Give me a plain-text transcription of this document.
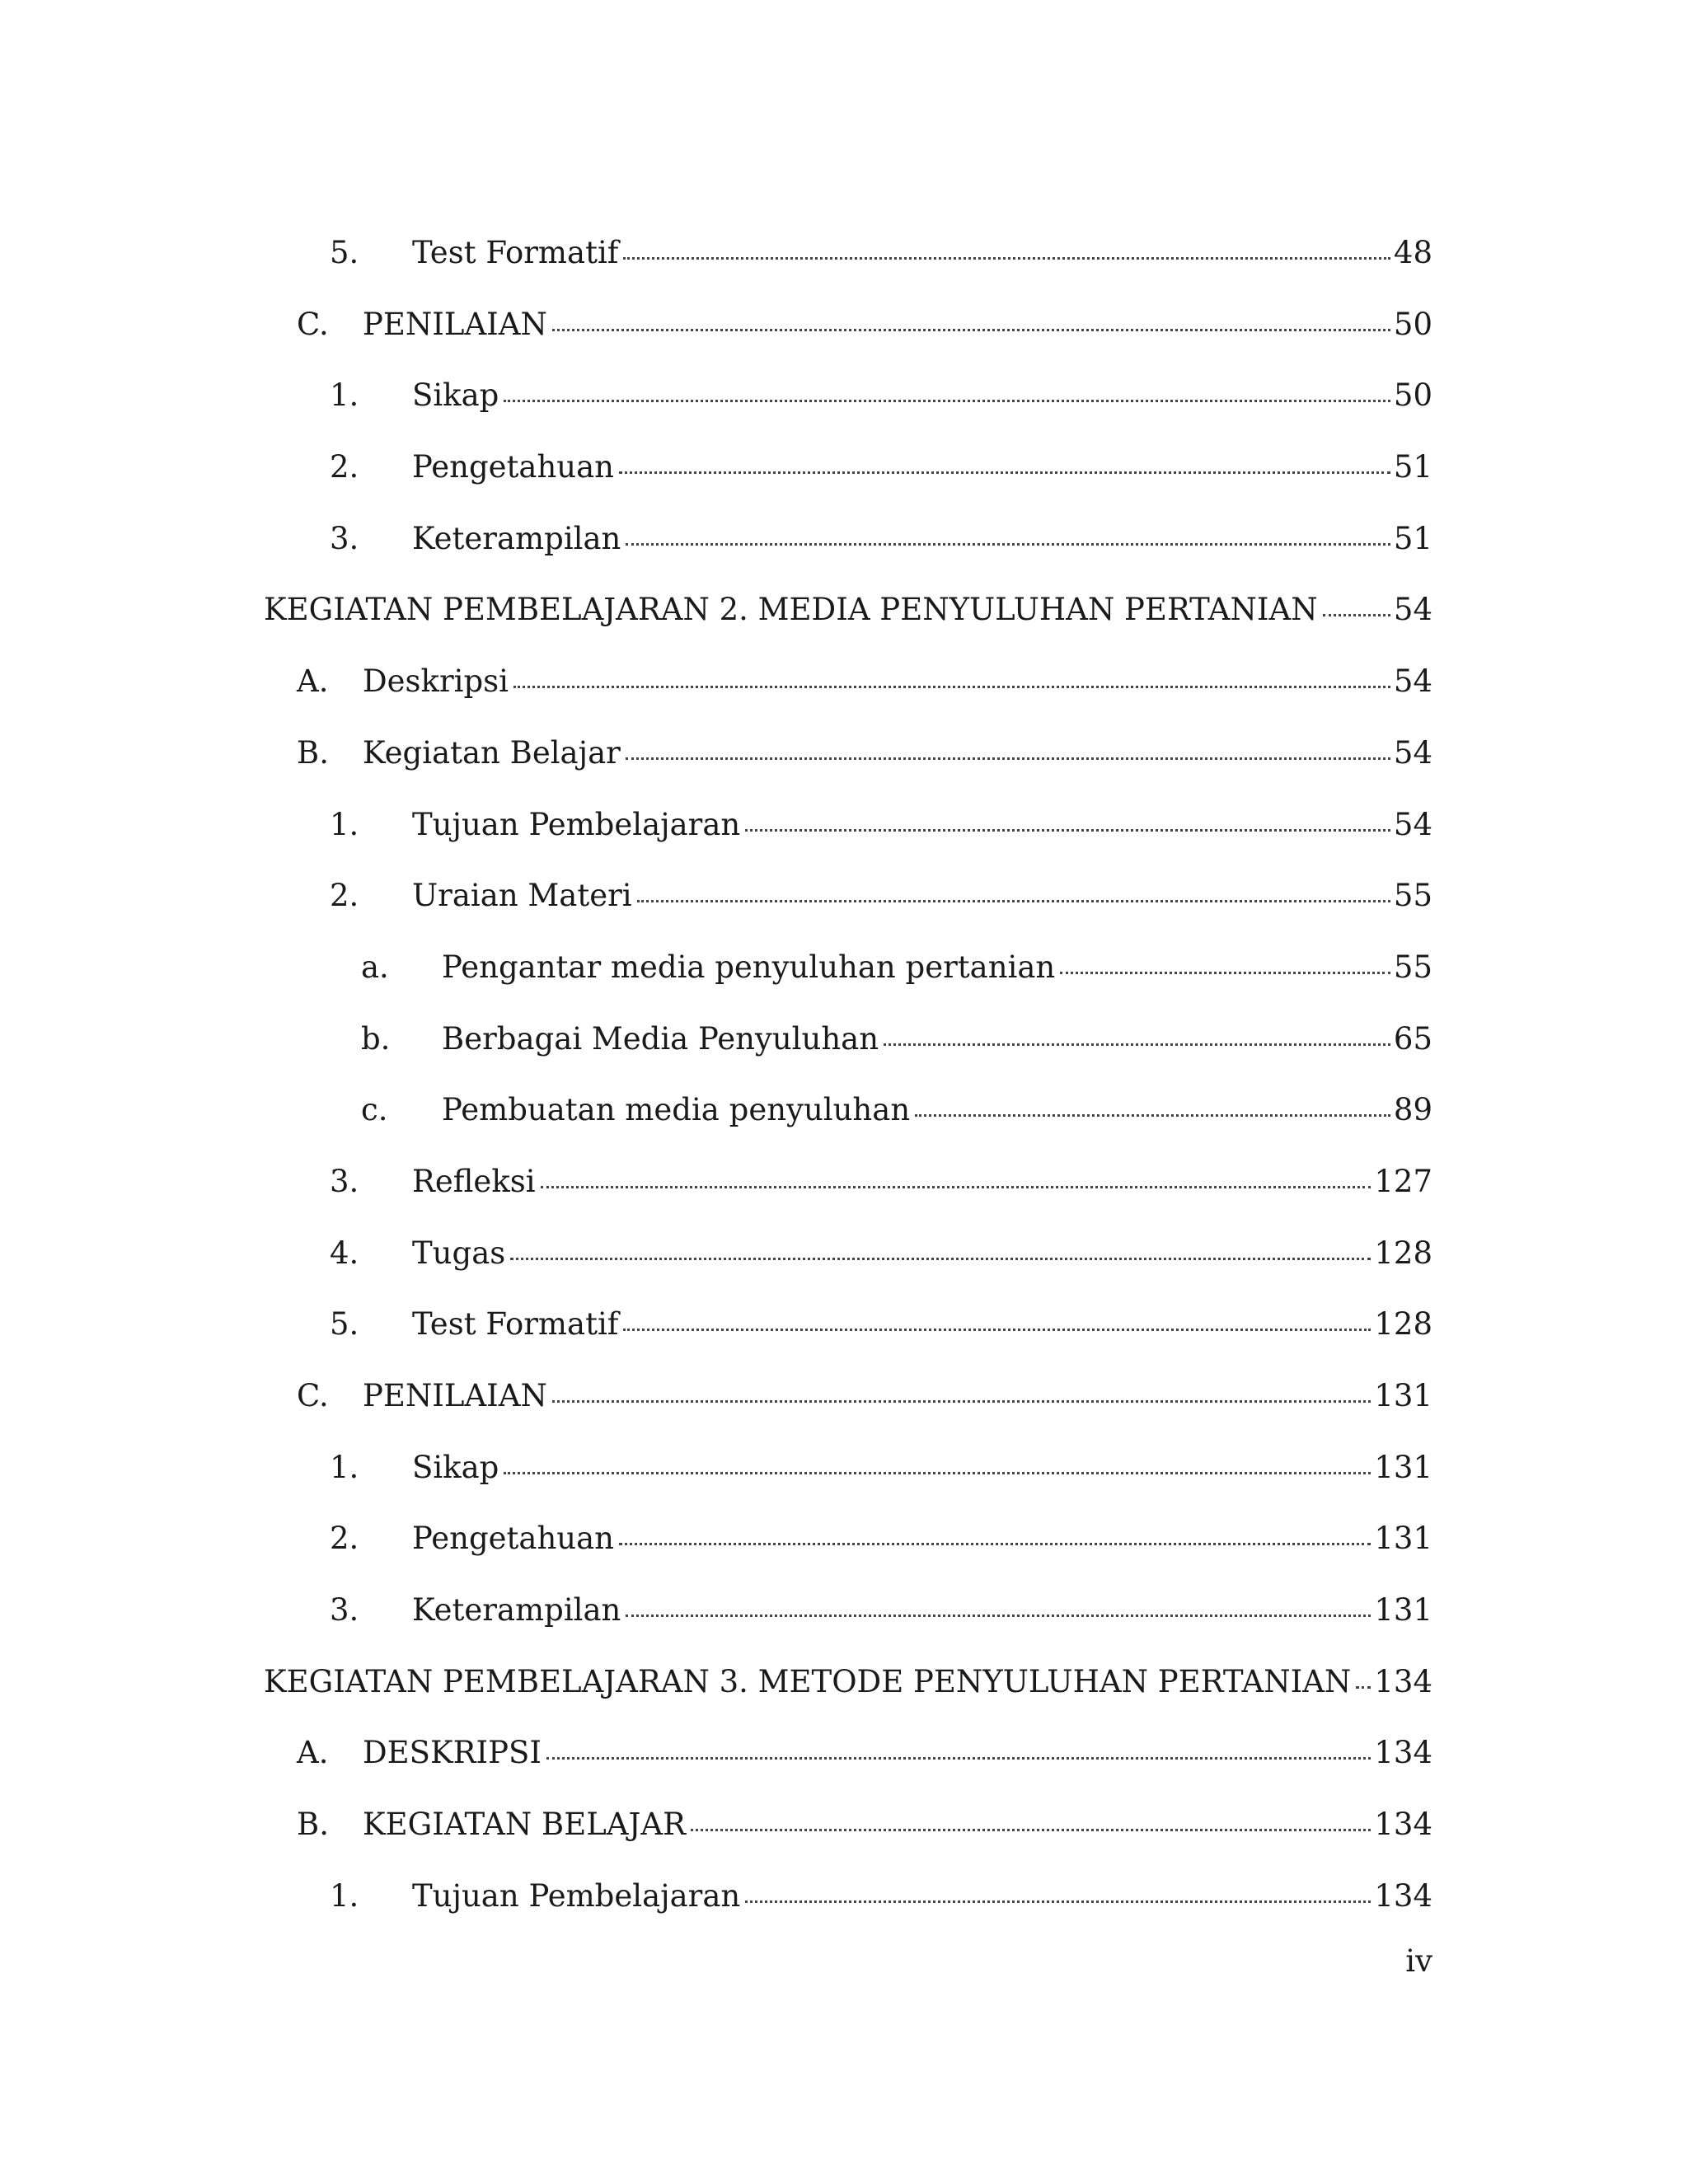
5. Test Formatif	48
C. PENILAIAN	50
1. Sikap	50
2. Pengetahuan	51
3. Keterampilan	51
KEGIATAN PEMBELAJARAN 2. MEDIA PENYULUHAN PERTANIAN 54
A. Deskripsi	54
B. Kegiatan Belajar	54
1. Tujuan Pembelajaran	54
2. Uraian Materi	55
a. Pengantar media penyuluhan pertanian	55
b. Berbagai Media Penyuluhan	65
c. Pembuatan media penyuluhan	89
3. Refleksi	127
4. Tugas	128
5. Test Formatif	128
C. PENILAIAN	131
1. Sikap	131
2. Pengetahuan	131
3. Keterampilan	131
KEGIATAN PEMBELAJARAN 3. METODE PENYULUHAN PERTANIAN 134
A. DESKRIPSI	134
B. KEGIATAN BELAJAR	134
1. Tujuan Pembelajaran	134
iv
